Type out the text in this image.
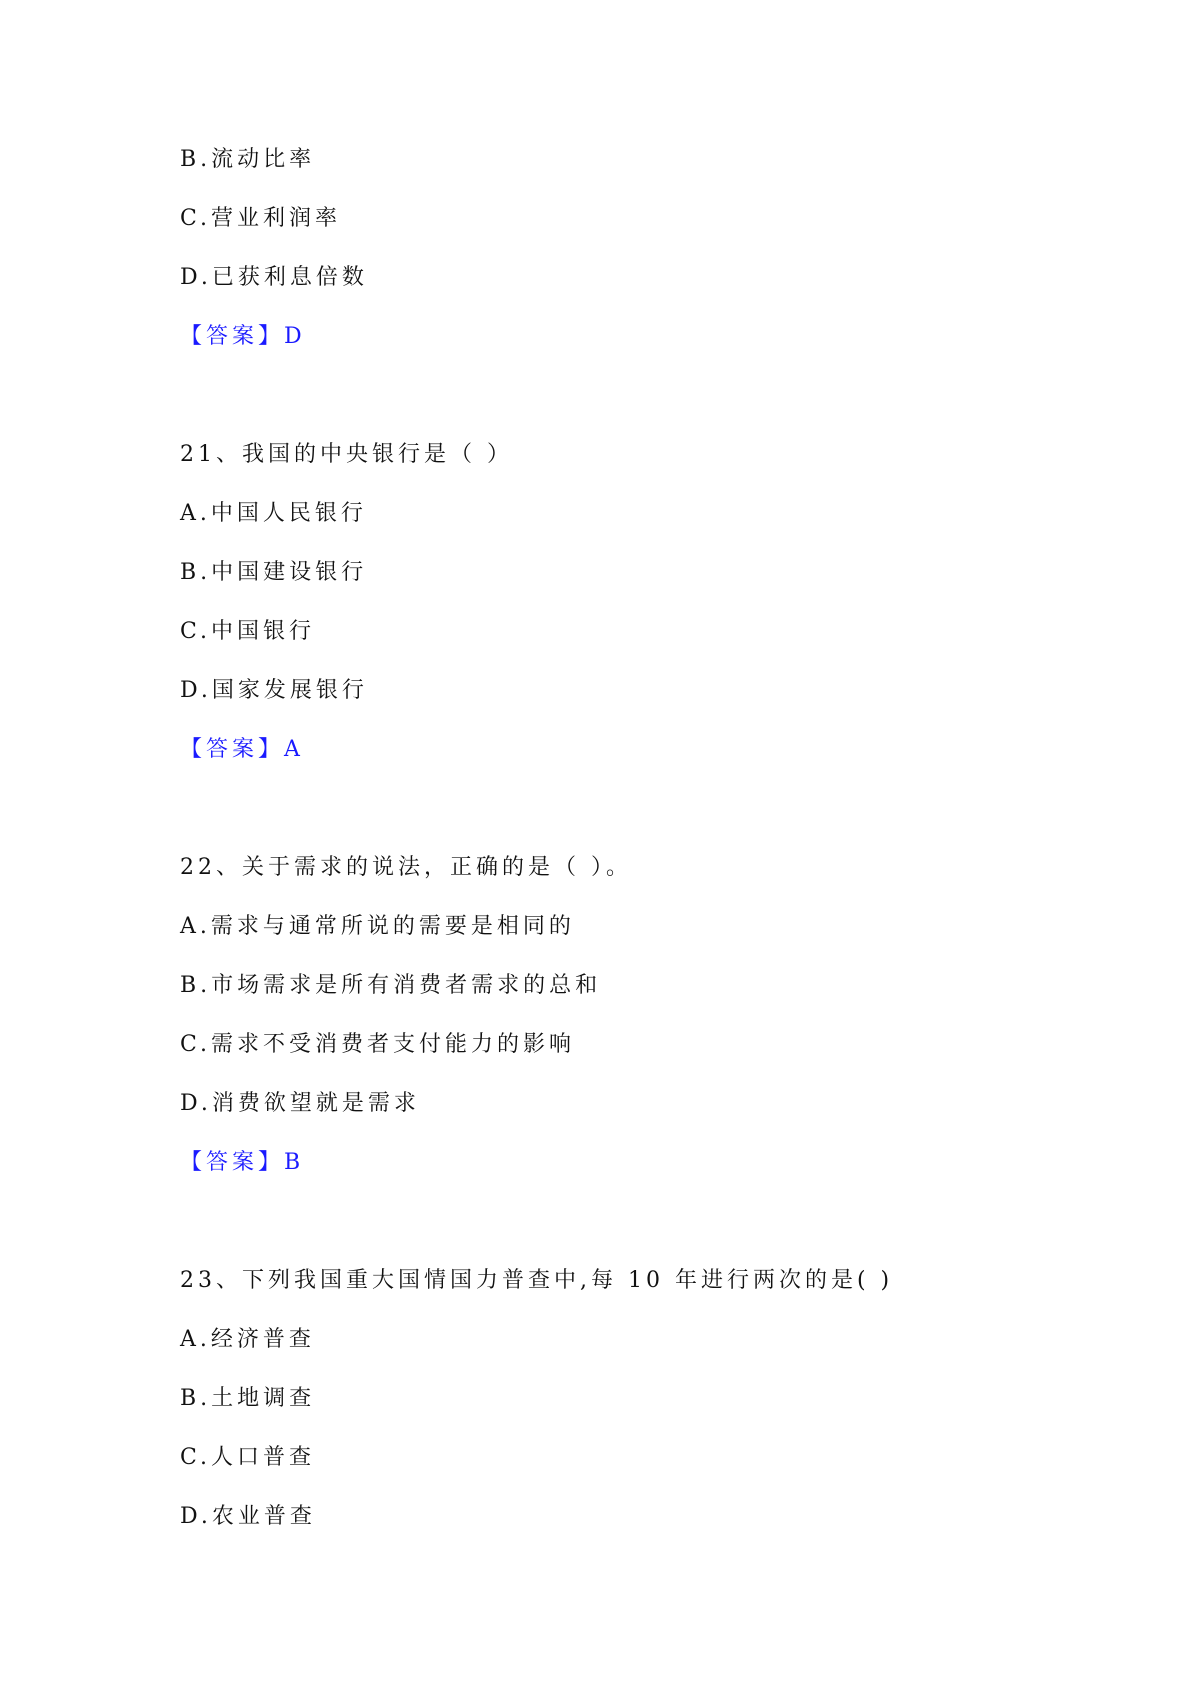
B.流动比率
C.营业利润率
D.已获利息倍数
【答案】D
21、我国的中央银行是（ ）
A.中国人民银行
B.中国建设银行
C.中国银行
D.国家发展银行
【答案】A
22、关于需求的说法，正确的是（ ）。
A.需求与通常所说的需要是相同的
B.市场需求是所有消费者需求的总和
C.需求不受消费者支付能力的影响
D.消费欲望就是需求
【答案】B
23、下列我国重大国情国力普查中,每 10 年进行两次的是( )
A.经济普查
B.土地调查
C.人口普查
D.农业普查
